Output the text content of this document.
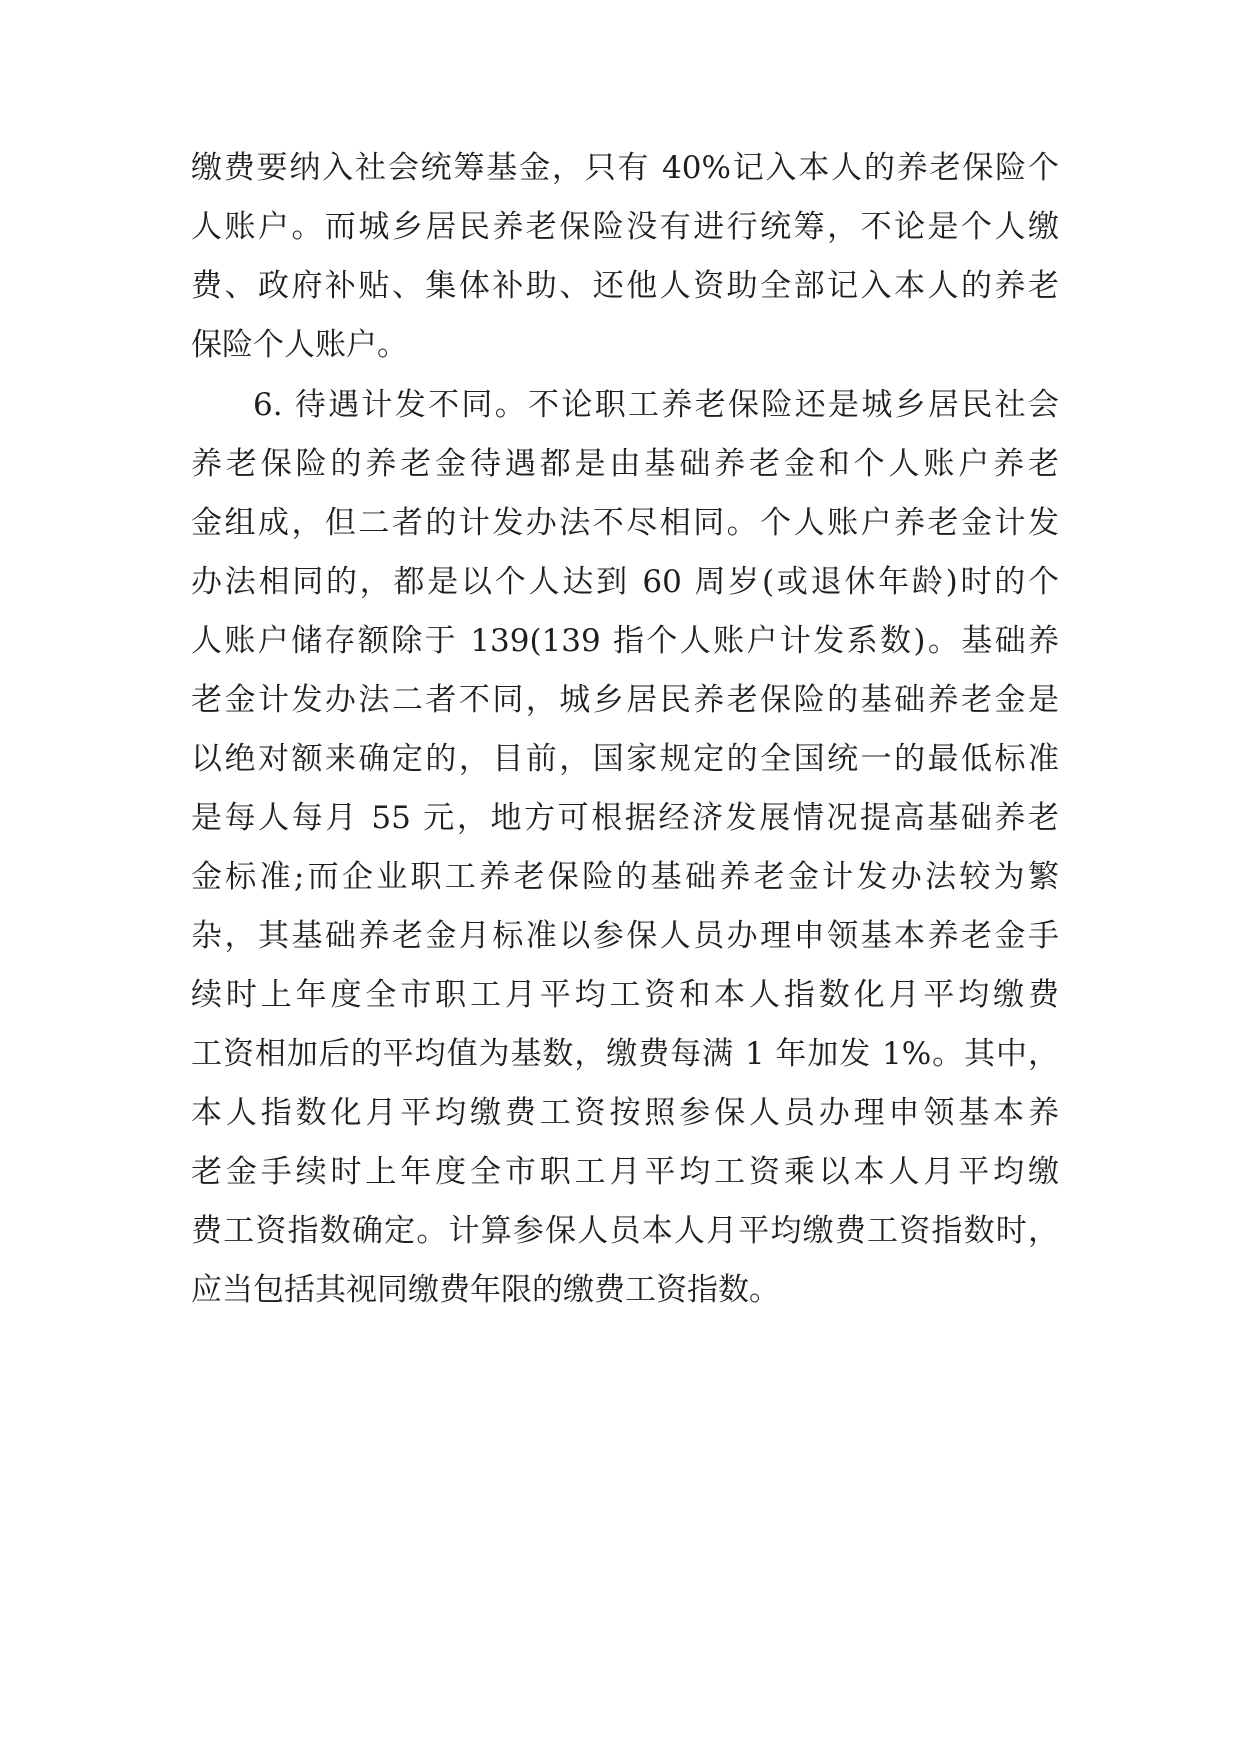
缴费要纳入社会统筹基金，只有 40%记入本人的养老保险个
人账户。而城乡居民养老保险没有进行统筹，不论是个人缴
费、政府补贴、集体补助、还他人资助全部记入本人的养老
保险个人账户。
6. 待遇计发不同。不论职工养老保险还是城乡居民社会
养老保险的养老金待遇都是由基础养老金和个人账户养老
金组成，但二者的计发办法不尽相同。个人账户养老金计发
办法相同的，都是以个人达到 60 周岁(或退休年龄)时的个
人账户储存额除于 139(139 指个人账户计发系数)。基础养
老金计发办法二者不同，城乡居民养老保险的基础养老金是
以绝对额来确定的，目前，国家规定的全国统一的最低标准
是每人每月 55 元，地方可根据经济发展情况提高基础养老
金标准;而企业职工养老保险的基础养老金计发办法较为繁
杂，其基础养老金月标准以参保人员办理申领基本养老金手
续时上年度全市职工月平均工资和本人指数化月平均缴费
工资相加后的平均值为基数，缴费每满 1 年加发 1%。其中，
本人指数化月平均缴费工资按照参保人员办理申领基本养
老金手续时上年度全市职工月平均工资乘以本人月平均缴
费工资指数确定。计算参保人员本人月平均缴费工资指数时，
应当包括其视同缴费年限的缴费工资指数。
